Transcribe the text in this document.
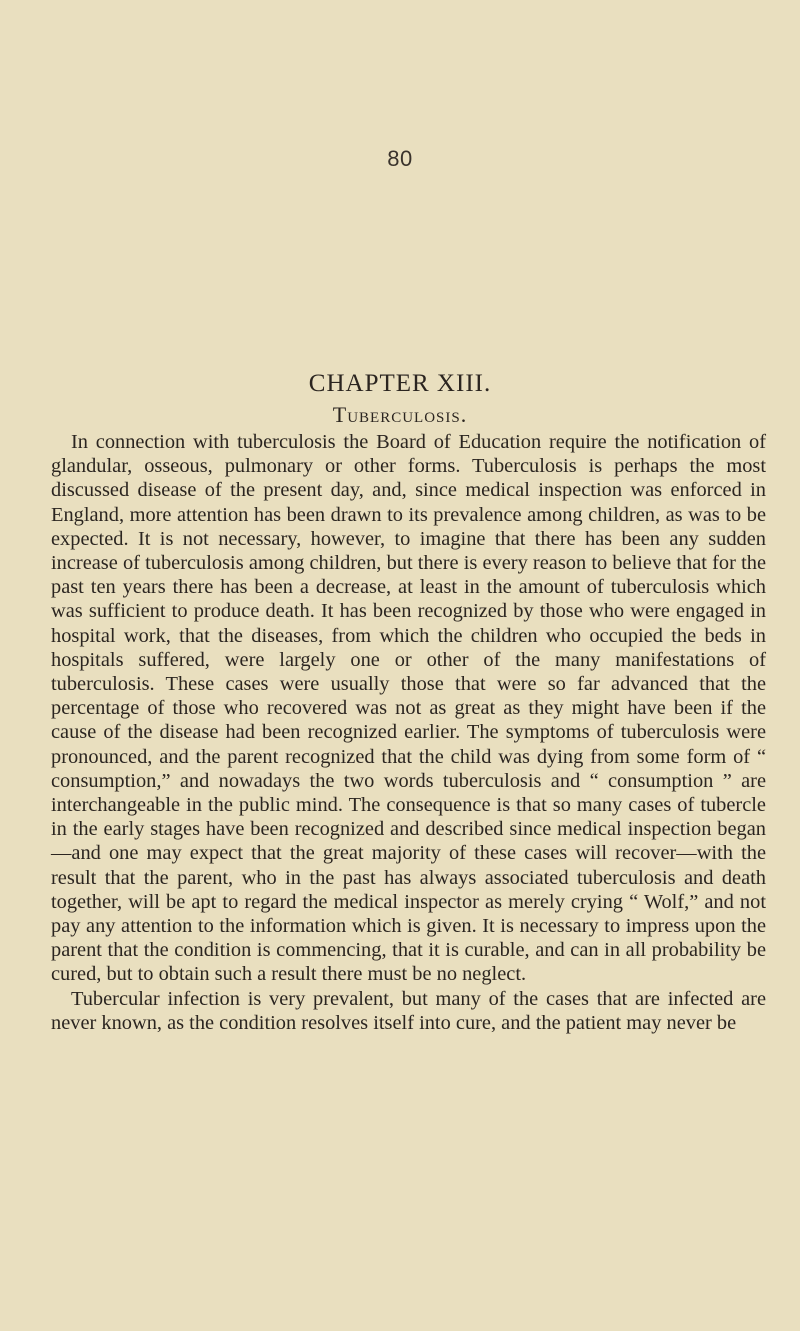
80
CHAPTER XIII.
Tuberculosis.

In connection with tuberculosis the Board of Education require the notification of glandular, osseous, pulmonary or other forms. Tuberculosis is perhaps the most discussed disease of the present day, and, since medical inspection was enforced in England, more attention has been drawn to its prevalence among children, as was to be expected. It is not necessary, however, to imagine that there has been any sudden increase of tuberculosis among children, but there is every reason to believe that for the past ten years there has been a decrease, at least in the amount of tuberculosis which was sufficient to produce death. It has been recognized by those who were engaged in hospital work, that the diseases, from which the children who occupied the beds in hospitals suffered, were largely one or other of the many manifestations of tuberculosis. These cases were usually those that were so far advanced that the percentage of those who recovered was not as great as they might have been if the cause of the disease had been recognized earlier. The symptoms of tuberculosis were pronounced, and the parent recognized that the child was dying from some form of “ consumption,” and nowadays the two words tuberculosis and “ consumption ” are interchangeable in the public mind. The consequence is that so many cases of tubercle in the early stages have been recognized and described since medical inspection began—and one may expect that the great majority of these cases will recover—with the result that the parent, who in the past has always associated tuberculosis and death together, will be apt to regard the medical inspector as merely crying “ Wolf,” and not pay any attention to the information which is given. It is necessary to impress upon the parent that the condition is commencing, that it is curable, and can in all probability be cured, but to obtain such a result there must be no neglect.

Tubercular infection is very prevalent, but many of the cases that are infected are never known, as the condition resolves itself into cure, and the patient may never be
